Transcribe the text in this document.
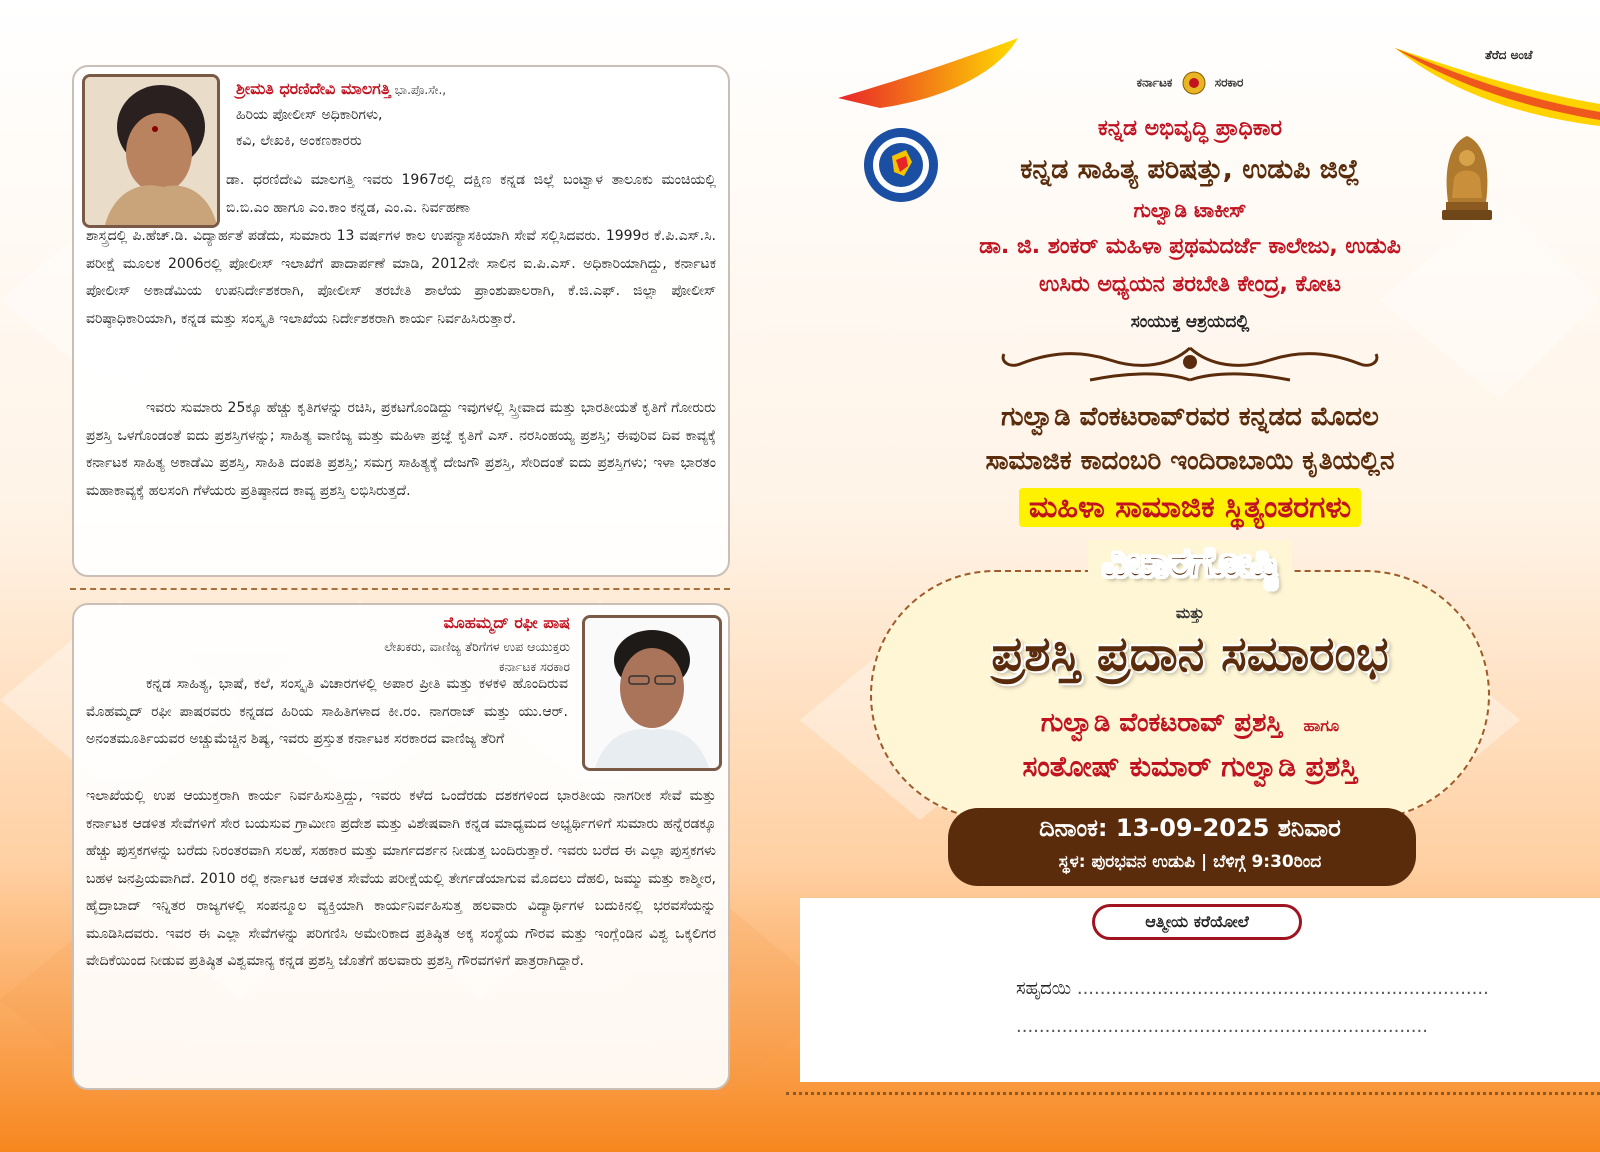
ಶ್ರೀಮತಿ ಧರಣಿದೇವಿ ಮಾಲಗತ್ತಿ ಭಾ.ಪೊ.ಸೇ.,
ಹಿರಿಯ ಪೋಲೀಸ್ ಅಧಿಕಾರಿಗಳು,
ಕವಿ, ಲೇಖಕಿ, ಅಂಕಣಕಾರರು
ಡಾ. ಧರಣಿದೇವಿ ಮಾಲಗತ್ತಿ ಇವರು 1967ರಲ್ಲಿ ದಕ್ಷಿಣ ಕನ್ನಡ ಜಿಲ್ಲೆ ಬಂಟ್ವಾಳ ತಾಲೂಕು ಮಂಚಿಯಲ್ಲಿ ಬಿ.ಬಿ.ಎಂ ಹಾಗೂ ಎಂ.ಕಾಂ ಕನ್ನಡ, ಎಂ.ಎ. ನಿರ್ವಹಣಾ
ಶಾಸ್ತ್ರದಲ್ಲಿ ಪಿ.ಹೆಚ್.ಡಿ. ವಿದ್ಯಾರ್ಹತೆ ಪಡೆದು, ಸುಮಾರು 13 ವರ್ಷಗಳ ಕಾಲ ಉಪನ್ಯಾಸಕಿಯಾಗಿ ಸೇವೆ ಸಲ್ಲಿಸಿದವರು. 1999ರ ಕೆ.ಪಿ.ಎಸ್.ಸಿ. ಪರೀಕ್ಷೆ ಮೂಲಕ 2006ರಲ್ಲಿ ಪೋಲೀಸ್ ಇಲಾಖೆಗೆ ಪಾದಾರ್ಪಣೆ ಮಾಡಿ, 2012ನೇ ಸಾಲಿನ ಐ.ಪಿ.ಎಸ್. ಅಧಿಕಾರಿಯಾಗಿದ್ದು, ಕರ್ನಾಟಕ ಪೋಲೀಸ್ ಅಕಾಡೆಮಿಯ ಉಪನಿರ್ದೇಶಕರಾಗಿ, ಪೋಲೀಸ್ ತರಬೇತಿ ಶಾಲೆಯ ಪ್ರಾಂಶುಪಾಲರಾಗಿ, ಕೆ.ಜಿ.ಎಫ್. ಜಿಲ್ಲಾ ಪೋಲೀಸ್ ವರಿಷ್ಠಾಧಿಕಾರಿಯಾಗಿ, ಕನ್ನಡ ಮತ್ತು ಸಂಸ್ಕೃತಿ ಇಲಾಖೆಯ ನಿರ್ದೇಶಕರಾಗಿ ಕಾರ್ಯ ನಿರ್ವಹಿಸಿರುತ್ತಾರೆ.
ಇವರು ಸುಮಾರು 25ಕ್ಕೂ ಹೆಚ್ಚು ಕೃತಿಗಳನ್ನು ರಚಿಸಿ, ಪ್ರಕಟಗೊಂಡಿದ್ದು ಇವುಗಳಲ್ಲಿ ಸ್ತ್ರೀವಾದ ಮತ್ತು ಭಾರತೀಯತೆ ಕೃತಿಗೆ ಗೋರುರು ಪ್ರಶಸ್ತಿ ಒಳಗೊಂಡಂತೆ ಐದು ಪ್ರಶಸ್ತಿಗಳನ್ನು; ಸಾಹಿತ್ಯ ವಾಣಿಜ್ಯ ಮತ್ತು ಮಹಿಳಾ ಪ್ರಜ್ಞೆ ಕೃತಿಗೆ ಎಸ್. ನರಸಿಂಹಯ್ಯ ಪ್ರಶಸ್ತಿ; ಈವುರಿವ ದಿವ ಕಾವ್ಯಕ್ಕೆ ಕರ್ನಾಟಕ ಸಾಹಿತ್ಯ ಅಕಾಡೆಮಿ ಪ್ರಶಸ್ತಿ, ಸಾಹಿತಿ ದಂಪತಿ ಪ್ರಶಸ್ತಿ; ಸಮಗ್ರ ಸಾಹಿತ್ಯಕ್ಕೆ ದೇಜಗೌ ಪ್ರಶಸ್ತಿ, ಸೇರಿದಂತೆ ಐದು ಪ್ರಶಸ್ತಿಗಳು; ಇಳಾ ಭಾರತಂ ಮಹಾಕಾವ್ಯಕ್ಕೆ ಹಲಸಂಗಿ ಗೆಳೆಯರು ಪ್ರತಿಷ್ಠಾನದ ಕಾವ್ಯ ಪ್ರಶಸ್ತಿ ಲಭಿಸಿರುತ್ತದೆ.
ಮೊಹಮ್ಮದ್ ರಫೀ ಪಾಷ
ಲೇಖಕರು, ವಾಣಿಜ್ಯ ತೆರಿಗೆಗಳ ಉಪ ಆಯುಕ್ತರು
ಕರ್ನಾಟಕ ಸರಕಾರ
ಕನ್ನಡ ಸಾಹಿತ್ಯ, ಭಾಷೆ, ಕಲೆ, ಸಂಸ್ಕೃತಿ ವಿಚಾರಗಳಲ್ಲಿ ಅಪಾರ ಪ್ರೀತಿ ಮತ್ತು ಕಳಕಳಿ ಹೊಂದಿರುವ ಮೊಹಮ್ಮದ್ ರಫೀ ಪಾಷರವರು ಕನ್ನಡದ ಹಿರಿಯ ಸಾಹಿತಿಗಳಾದ ಕೀ.ರಂ. ನಾಗರಾಜ್ ಮತ್ತು ಯು.ಆರ್. ಅನಂತಮೂರ್ತಿಯವರ ಅಚ್ಚುಮೆಚ್ಚಿನ ಶಿಷ್ಯ, ಇವರು ಪ್ರಸ್ತುತ ಕರ್ನಾಟಕ ಸರಕಾರದ ವಾಣಿಜ್ಯ ತೆರಿಗೆ
ಇಲಾಖೆಯಲ್ಲಿ ಉಪ ಆಯುಕ್ತರಾಗಿ ಕಾರ್ಯ ನಿರ್ವಹಿಸುತ್ತಿದ್ದು, ಇವರು ಕಳೆದ ಒಂದೆರಡು ದಶಕಗಳಿಂದ ಭಾರತೀಯ ನಾಗರೀಕ ಸೇವೆ ಮತ್ತು ಕರ್ನಾಟಕ ಆಡಳಿತ ಸೇವೆಗಳಿಗೆ ಸೇರ ಬಯಸುವ ಗ್ರಾಮೀಣ ಪ್ರದೇಶ ಮತ್ತು ವಿಶೇಷವಾಗಿ ಕನ್ನಡ ಮಾಧ್ಯಮದ ಅಭ್ಯರ್ಥಿಗಳಿಗೆ ಸುಮಾರು ಹನ್ನೆರಡಕ್ಕೂ ಹೆಚ್ಚು ಪುಸ್ತಕಗಳನ್ನು ಬರೆದು ನಿರಂತರವಾಗಿ ಸಲಹೆ, ಸಹಕಾರ ಮತ್ತು ಮಾರ್ಗದರ್ಶನ ನೀಡುತ್ತ ಬಂದಿರುತ್ತಾರೆ. ಇವರು ಬರೆದ ಈ ಎಲ್ಲಾ ಪುಸ್ತಕಗಳು ಬಹಳ ಜನಪ್ರಿಯವಾಗಿದೆ. 2010 ರಲ್ಲಿ ಕರ್ನಾಟಕ ಆಡಳಿತ ಸೇವೆಯ ಪರೀಕ್ಷೆಯಲ್ಲಿ ತೇರ್ಗಡೆಯಾಗುವ ಮೊದಲು ದೆಹಲಿ, ಜಮ್ಮು ಮತ್ತು ಕಾಶ್ಮೀರ, ಹೈದ್ರಾಬಾದ್ ಇನ್ನಿತರ ರಾಜ್ಯಗಳಲ್ಲಿ ಸಂಪನ್ಮೂಲ ವ್ಯಕ್ತಿಯಾಗಿ ಕಾರ್ಯನಿರ್ವಹಿಸುತ್ತ ಹಲವಾರು ವಿದ್ಯಾರ್ಥಿಗಳ ಬದುಕಿನಲ್ಲಿ ಭರವಸೆಯನ್ನು ಮೂಡಿಸಿದವರು. ಇವರ ಈ ಎಲ್ಲಾ ಸೇವೆಗಳನ್ನು ಪರಿಗಣಿಸಿ ಅಮೇರಿಕಾದ ಪ್ರತಿಷ್ಠಿತ ಅಕ್ಕ ಸಂಸ್ಥೆಯ ಗೌರವ ಮತ್ತು ಇಂಗ್ಲೆಂಡಿನ ವಿಶ್ವ ಒಕ್ಕಲಿಗರ ವೇದಿಕೆಯಿಂದ ನೀಡುವ ಪ್ರತಿಷ್ಠಿತ ವಿಶ್ವಮಾನ್ಯ ಕನ್ನಡ ಪ್ರಶಸ್ತಿ ಜೊತೆಗೆ ಹಲವಾರು ಪ್ರಶಸ್ತಿ ಗೌರವಗಳಿಗೆ ಪಾತ್ರರಾಗಿದ್ದಾರೆ.
ತೆರೆದ ಅಂಚೆ
ಕರ್ನಾಟಕ	ಸರಕಾರ
ಕನ್ನಡ ಅಭಿವೃದ್ಧಿ ಪ್ರಾಧಿಕಾರ
ಕನ್ನಡ ಸಾಹಿತ್ಯ ಪರಿಷತ್ತು, ಉಡುಪಿ ಜಿಲ್ಲೆ
ಗುಲ್ವಾಡಿ ಟಾಕೀಸ್
ಡಾ. ಜಿ. ಶಂಕರ್ ಮಹಿಳಾ ಪ್ರಥಮದರ್ಜೆ ಕಾಲೇಜು, ಉಡುಪಿ
ಉಸಿರು ಅಧ್ಯಯನ ತರಬೇತಿ ಕೇಂದ್ರ, ಕೋಟ
ಸಂಯುಕ್ತ ಆಶ್ರಯದಲ್ಲಿ
ಗುಲ್ವಾಡಿ ವೆಂಕಟರಾವ್‌ರವರ ಕನ್ನಡದ ಮೊದಲ
ಸಾಮಾಜಿಕ ಕಾದಂಬರಿ ಇಂದಿರಾಬಾಯಿ ಕೃತಿಯಲ್ಲಿನ
ಮಹಿಳಾ ಸಾಮಾಜಿಕ ಸ್ಥಿತ್ಯಂತರಗಳು
ವಿಚಾರಗೋಷ್ಠಿ
ಮತ್ತು
ಪ್ರಶಸ್ತಿ ಪ್ರದಾನ ಸಮಾರಂಭ
ಗುಲ್ವಾಡಿ ವೆಂಕಟರಾವ್ ಪ್ರಶಸ್ತಿ ಹಾಗೂ
ಸಂತೋಷ್ ಕುಮಾರ್ ಗುಲ್ವಾಡಿ ಪ್ರಶಸ್ತಿ
ದಿನಾಂಕ: 13-09-2025 ಶನಿವಾರ
ಸ್ಥಳ: ಪುರಭವನ ಉಡುಪಿ | ಬೆಳಿಗ್ಗೆ 9:30ರಿಂದ
ಆತ್ಮೀಯ ಕರೆಯೋಲೆ
ಸಹೃದಯಿ ........................................................................
........................................................................
